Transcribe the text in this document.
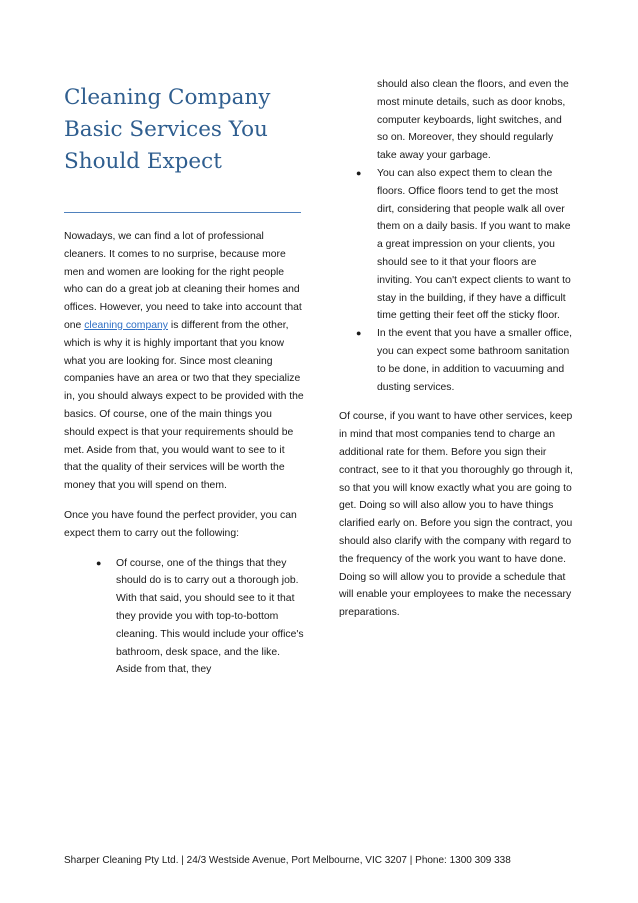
Cleaning Company Basic Services You Should Expect

Nowadays, we can find a lot of professional cleaners. It comes to no surprise, because more men and women are looking for the right people who can do a great job at cleaning their homes and offices. However, you need to take into account that one cleaning company is different from the other, which is why it is highly important that you know what you are looking for. Since most cleaning companies have an area or two that they specialize in, you should always expect to be provided with the basics. Of course, one of the main things you should expect is that your requirements should be met. Aside from that, you would want to see to it that the quality of their services will be worth the money that you will spend on them.

Once you have found the perfect provider, you can expect them to carry out the following:

● Of course, one of the things that they should do is to carry out a thorough job. With that said, you should see to it that they provide you with top-to-bottom cleaning. This would include your office's bathroom, desk space, and the like. Aside from that, they
should also clean the floors, and even the most minute details, such as door knobs, computer keyboards, light switches, and so on. Moreover, they should regularly take away your garbage.
● You can also expect them to clean the floors. Office floors tend to get the most dirt, considering that people walk all over them on a daily basis. If you want to make a great impression on your clients, you should see to it that your floors are inviting. You can't expect clients to want to stay in the building, if they have a difficult time getting their feet off the sticky floor.
● In the event that you have a smaller office, you can expect some bathroom sanitation to be done, in addition to vacuuming and dusting services.

Of course, if you want to have other services, keep in mind that most companies tend to charge an additional rate for them. Before you sign their contract, see to it that you thoroughly go through it, so that you will know exactly what you are going to get. Doing so will also allow you to have things clarified early on. Before you sign the contract, you should also clarify with the company with regard to the frequency of the work you want to have done. Doing so will allow you to provide a schedule that will enable your employees to make the necessary preparations.

Sharper Cleaning Pty Ltd. | 24/3 Westside Avenue, Port Melbourne, VIC 3207 | Phone: 1300 309 338
